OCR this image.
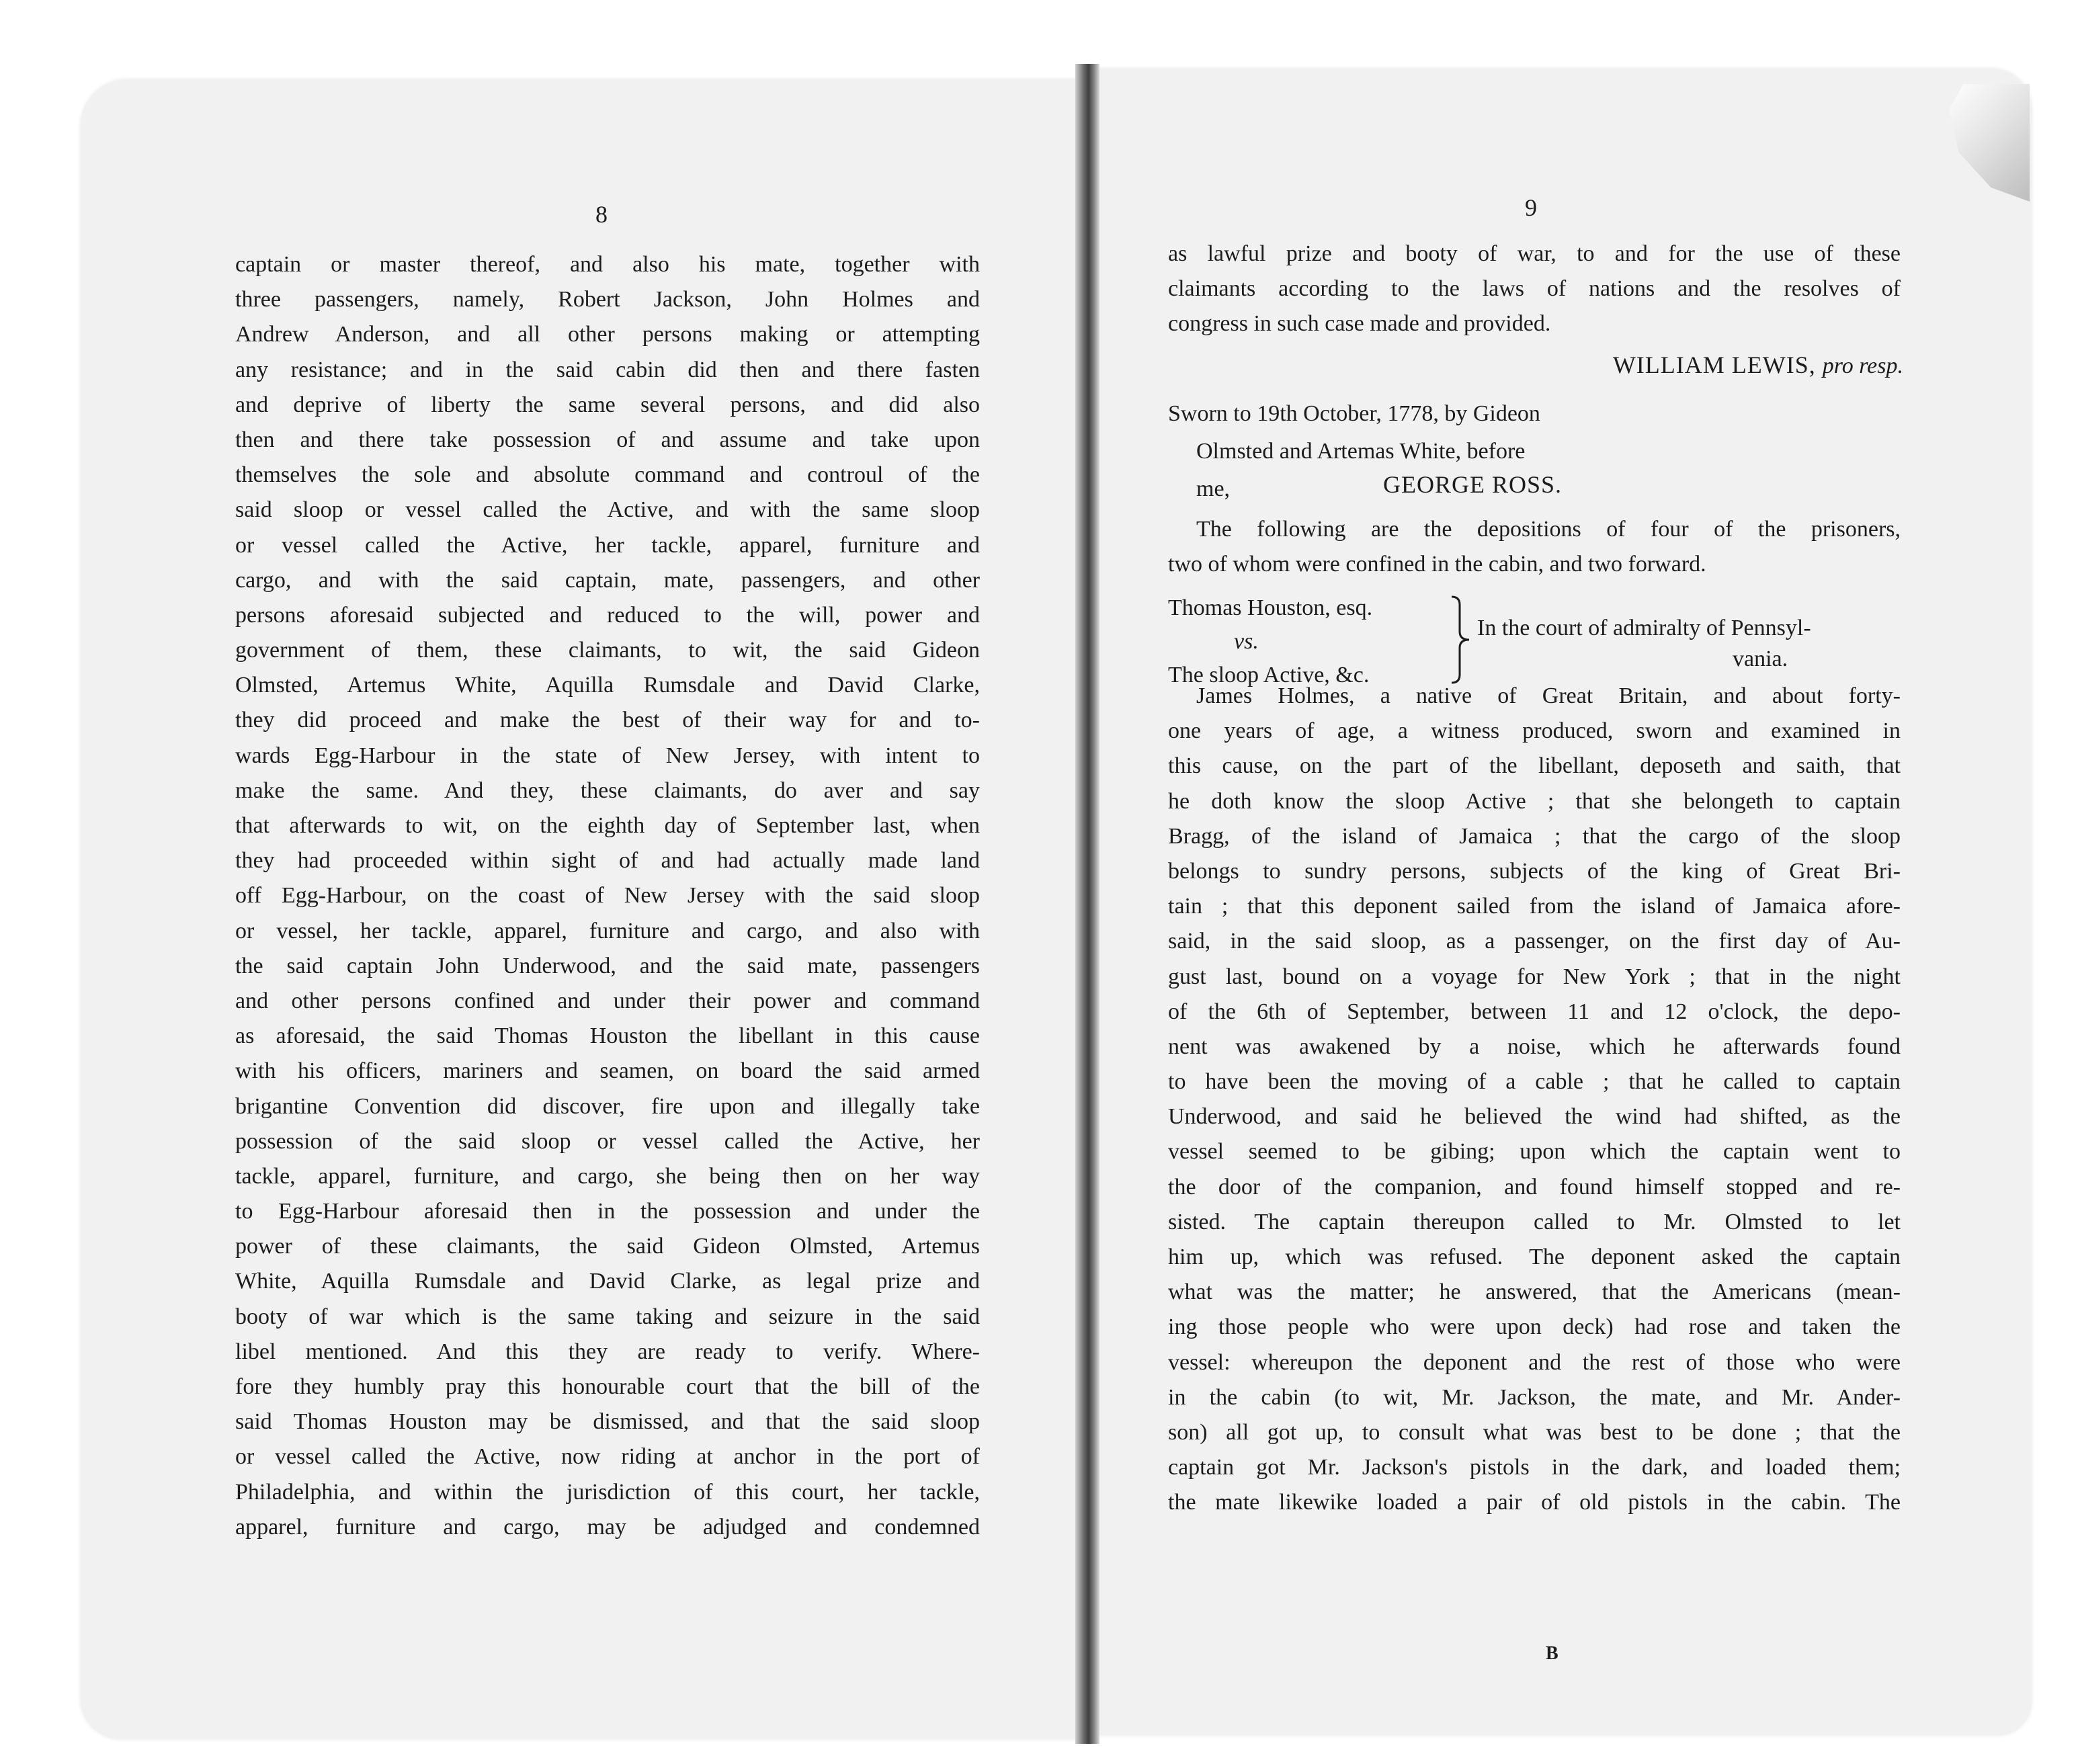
8	9
captain or master thereof, and also his mate, together with
three passengers, namely, Robert Jackson, John Holmes and
Andrew Anderson, and all other persons making or attempting
any resistance; and in the said cabin did then and there fasten
and deprive of liberty the same several persons, and did also
then and there take possession of and assume and take upon
themselves the sole and absolute command and controul of the
said sloop or vessel called the Active, and with the same sloop
or vessel called the Active, her tackle, apparel, furniture and
cargo, and with the said captain, mate, passengers, and other
persons aforesaid subjected and reduced to the will, power and
government of them, these claimants, to wit, the said Gideon
Olmsted, Artemus White, Aquilla Rumsdale and David Clarke,
they did proceed and make the best of their way for and to-
wards Egg-Harbour in the state of New Jersey, with intent to
make the same. And they, these claimants, do aver and say
that afterwards to wit, on the eighth day of September last, when
they had proceeded within sight of and had actually made land
off Egg-Harbour, on the coast of New Jersey with the said sloop
or vessel, her tackle, apparel, furniture and cargo, and also with
the said captain John Underwood, and the said mate, passengers
and other persons confined and under their power and command
as aforesaid, the said Thomas Houston the libellant in this cause
with his officers, mariners and seamen, on board the said armed
brigantine Convention did discover, fire upon and illegally take
possession of the said sloop or vessel called the Active, her
tackle, apparel, furniture, and cargo, she being then on her way
to Egg-Harbour aforesaid then in the possession and under the
power of these claimants, the said Gideon Olmsted, Artemus
White, Aquilla Rumsdale and David Clarke, as legal prize and
booty of war which is the same taking and seizure in the said
libel mentioned. And this they are ready to verify. Where-
fore they humbly pray this honourable court that the bill of the
said Thomas Houston may be dismissed, and that the said sloop
or vessel called the Active, now riding at anchor in the port of
Philadelphia, and within the jurisdiction of this court, her tackle,
apparel, furniture and cargo, may be adjudged and condemned
as lawful prize and booty of war, to and for the use of these
claimants according to the laws of nations and the resolves of
congress in such case made and provided.
WILLIAM LEWIS, pro resp.
Sworn to 19th October, 1778, by Gideon
Olmsted and Artemas White, before
me,	GEORGE ROSS.
The following are the depositions of four of the prisoners,
two of whom were confined in the cabin, and two forward.
Thomas Houston, esq.
vs.
The sloop Active, &c.
In the court of admiralty of Pennsyl-
vania.
James Holmes, a native of Great Britain, and about forty-
one years of age, a witness produced, sworn and examined in
this cause, on the part of the libellant, deposeth and saith, that
he doth know the sloop Active ; that she belongeth to captain
Bragg, of the island of Jamaica ; that the cargo of the sloop
belongs to sundry persons, subjects of the king of Great Bri-
tain ; that this deponent sailed from the island of Jamaica afore-
said, in the said sloop, as a passenger, on the first day of Au-
gust last, bound on a voyage for New York ; that in the night
of the 6th of September, between 11 and 12 o'clock, the depo-
nent was awakened by a noise, which he afterwards found
to have been the moving of a cable ; that he called to captain
Underwood, and said he believed the wind had shifted, as the
vessel seemed to be gibing; upon which the captain went to
the door of the companion, and found himself stopped and re-
sisted. The captain thereupon called to Mr. Olmsted to let
him up, which was refused. The deponent asked the captain
what was the matter; he answered, that the Americans (mean-
ing those people who were upon deck) had rose and taken the
vessel: whereupon the deponent and the rest of those who were
in the cabin (to wit, Mr. Jackson, the mate, and Mr. Ander-
son) all got up, to consult what was best to be done ; that the
captain got Mr. Jackson's pistols in the dark, and loaded them;
the mate likewike loaded a pair of old pistols in the cabin. The
B
